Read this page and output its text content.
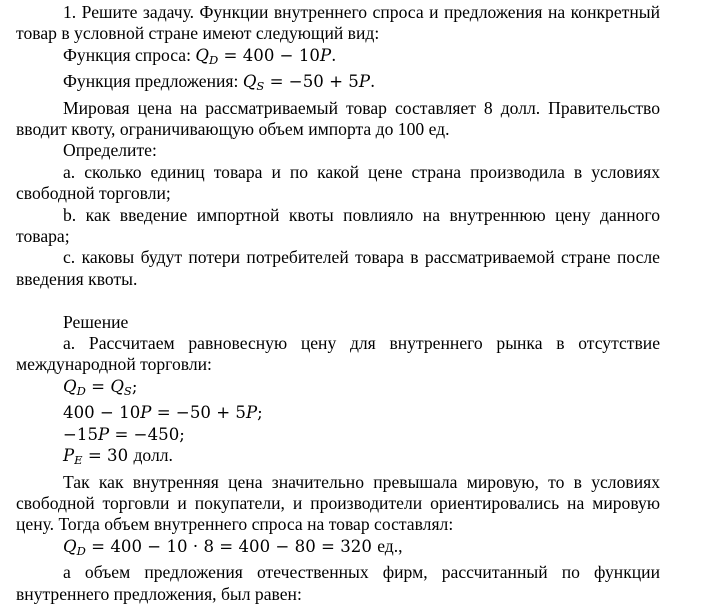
1. Решите задачу. Функции внутреннего спроса и предложения на конкретный товар в условной стране имеют следующий вид:

Функция спроса: $Q_D = 400 - 10P$.

Функция предложения: $Q_S = -50 + 5P$.

Мировая цена на рассматриваемый товар составляет 8 долл. Правительство вводит квоту, ограничивающую объем импорта до 100 ед.

Определите:

a. сколько единиц товара и по какой цене страна производила в условиях свободной торговли;

b. как введение импортной квоты повлияло на внутреннюю цену данного товара;

c. каковы будут потери потребителей товара в рассматриваемой стране после введения квоты.

Решение

a. Рассчитаем равновесную цену для внутреннего рынка в отсутствие международной торговли:

$Q_D = Q_S$;

400 − 10P = −50 + 5P;

−15P = −450;

$P_E = 30$ долл.

Так как внутренняя цена значительно превышала мировую, то в условиях свободной торговли и покупатели, и производители ориентировались на мировую цену. Тогда объем внутреннего спроса на товар составлял:

$Q_D = 400 - 10 \cdot 8 = 400 - 80 = 320$ ед.,

а объем предложения отечественных фирм, рассчитанный по функции внутреннего предложения, был равен:
